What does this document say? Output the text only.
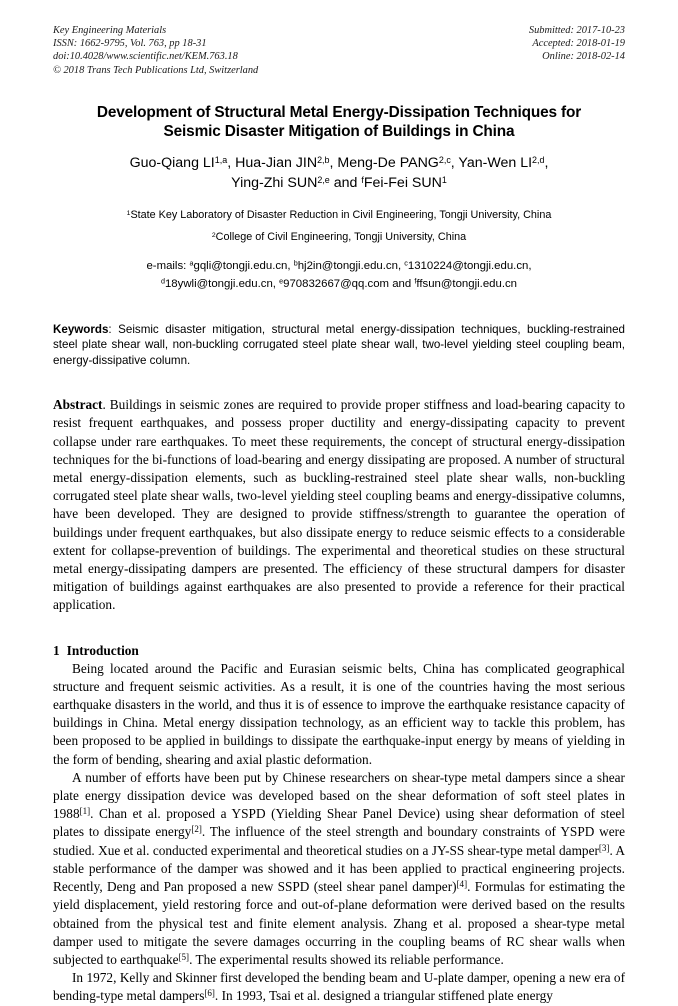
Key Engineering Materials
ISSN: 1662-9795, Vol. 763, pp 18-31
doi:10.4028/www.scientific.net/KEM.763.18
© 2018 Trans Tech Publications Ltd, Switzerland
Submitted: 2017-10-23
Accepted: 2018-01-19
Online: 2018-02-14
Development of Structural Metal Energy-Dissipation Techniques for Seismic Disaster Mitigation of Buildings in China
Guo-Qiang LI$^{1,a}$, Hua-Jian JIN$^{2,b}$, Meng-De PANG$^{2,c}$, Yan-Wen LI$^{2,d}$,
Ying-Zhi SUN$^{2,e}$ and $^f$Fei-Fei SUN$^1$
$^1$State Key Laboratory of Disaster Reduction in Civil Engineering, Tongji University, China
$^2$College of Civil Engineering, Tongji University, China
e-mails: $^a$gqli@tongji.edu.cn, $^b$hj2in@tongji.edu.cn, $^c$1310224@tongji.edu.cn,
$^d$18ywli@tongji.edu.cn, $^e$970832667@qq.com and $^f$ffsun@tongji.edu.cn
Keywords: Seismic disaster mitigation, structural metal energy-dissipation techniques, buckling-restrained steel plate shear wall, non-buckling corrugated steel plate shear wall, two-level yielding steel coupling beam, energy-dissipative column.
Abstract. Buildings in seismic zones are required to provide proper stiffness and load-bearing capacity to resist frequent earthquakes, and possess proper ductility and energy-dissipating capacity to prevent collapse under rare earthquakes. To meet these requirements, the concept of structural energy-dissipation techniques for the bi-functions of load-bearing and energy dissipating are proposed. A number of structural metal energy-dissipation elements, such as buckling-restrained steel plate shear walls, non-buckling corrugated steel plate shear walls, two-level yielding steel coupling beams and energy-dissipative columns, have been developed. They are designed to provide stiffness/strength to guarantee the operation of buildings under frequent earthquakes, but also dissipate energy to reduce seismic effects to a considerable extent for collapse-prevention of buildings. The experimental and theoretical studies on these structural metal energy-dissipating dampers are presented. The efficiency of these structural dampers for disaster mitigation of buildings against earthquakes are also presented to provide a reference for their practical application.
1 Introduction

Being located around the Pacific and Eurasian seismic belts, China has complicated geographical structure and frequent seismic activities. As a result, it is one of the countries having the most serious earthquake disasters in the world, and thus it is of essence to improve the earthquake resistance capacity of buildings in China. Metal energy dissipation technology, as an efficient way to tackle this problem, has been proposed to be applied in buildings to dissipate the earthquake-input energy by means of yielding in the form of bending, shearing and axial plastic deformation.

A number of efforts have been put by Chinese researchers on shear-type metal dampers since a shear plate energy dissipation device was developed based on the shear deformation of soft steel plates in 1988[1]. Chan et al. proposed a YSPD (Yielding Shear Panel Device) using shear deformation of steel plates to dissipate energy[2]. The influence of the steel strength and boundary constraints of YSPD were studied. Xue et al. conducted experimental and theoretical studies on a JY-SS shear-type metal damper[3]. A stable performance of the damper was showed and it has been applied to practical engineering projects. Recently, Deng and Pan proposed a new SSPD (steel shear panel damper)[4]. Formulas for estimating the yield displacement, yield restoring force and out-of-plane deformation were derived based on the results obtained from the physical test and finite element analysis. Zhang et al. proposed a shear-type metal damper used to mitigate the severe damages occurring in the coupling beams of RC shear walls when subjected to earthquake[5]. The experimental results showed its reliable performance.

In 1972, Kelly and Skinner first developed the bending beam and U-plate damper, opening a new era of bending-type metal dampers[6]. In 1993, Tsai et al. designed a triangular stiffened plate energy
